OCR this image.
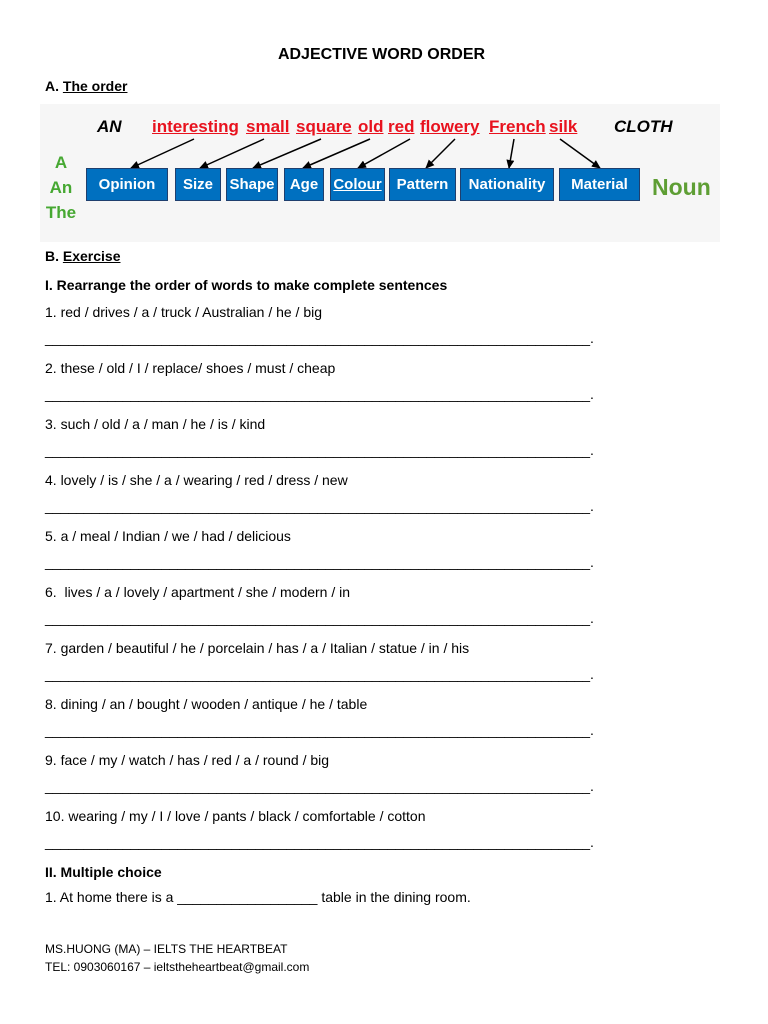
ADJECTIVE WORD ORDER
A. The order
AN interesting small square old red flowery French silk CLOTH
A
An
The
Opinion Size Shape Age Colour Pattern Nationality Material Noun
B. Exercise
I. Rearrange the order of words to make complete sentences
1. red / drives / a / truck / Australian / he / big
______________________________________________________________________.
2. these / old / I / replace/ shoes / must / cheap
______________________________________________________________________.
3. such / old / a / man / he / is / kind
______________________________________________________________________.
4. lovely / is / she / a / wearing / red / dress / new
______________________________________________________________________.
5. a / meal / Indian / we / had / delicious
______________________________________________________________________.
6.  lives / a / lovely / apartment / she / modern / in
______________________________________________________________________.
7. garden / beautiful / he / porcelain / has / a / Italian / statue / in / his
______________________________________________________________________.
8. dining / an / bought / wooden / antique / he / table
______________________________________________________________________.
9. face / my / watch / has / red / a / round / big
______________________________________________________________________.
10. wearing / my / I / love / pants / black / comfortable / cotton
______________________________________________________________________.
II. Multiple choice
1. At home there is a __________________ table in the dining room.
MS.HUONG (MA) – IELTS THE HEARTBEAT
TEL: 0903060167 – ieltstheheartbeat@gmail.com
